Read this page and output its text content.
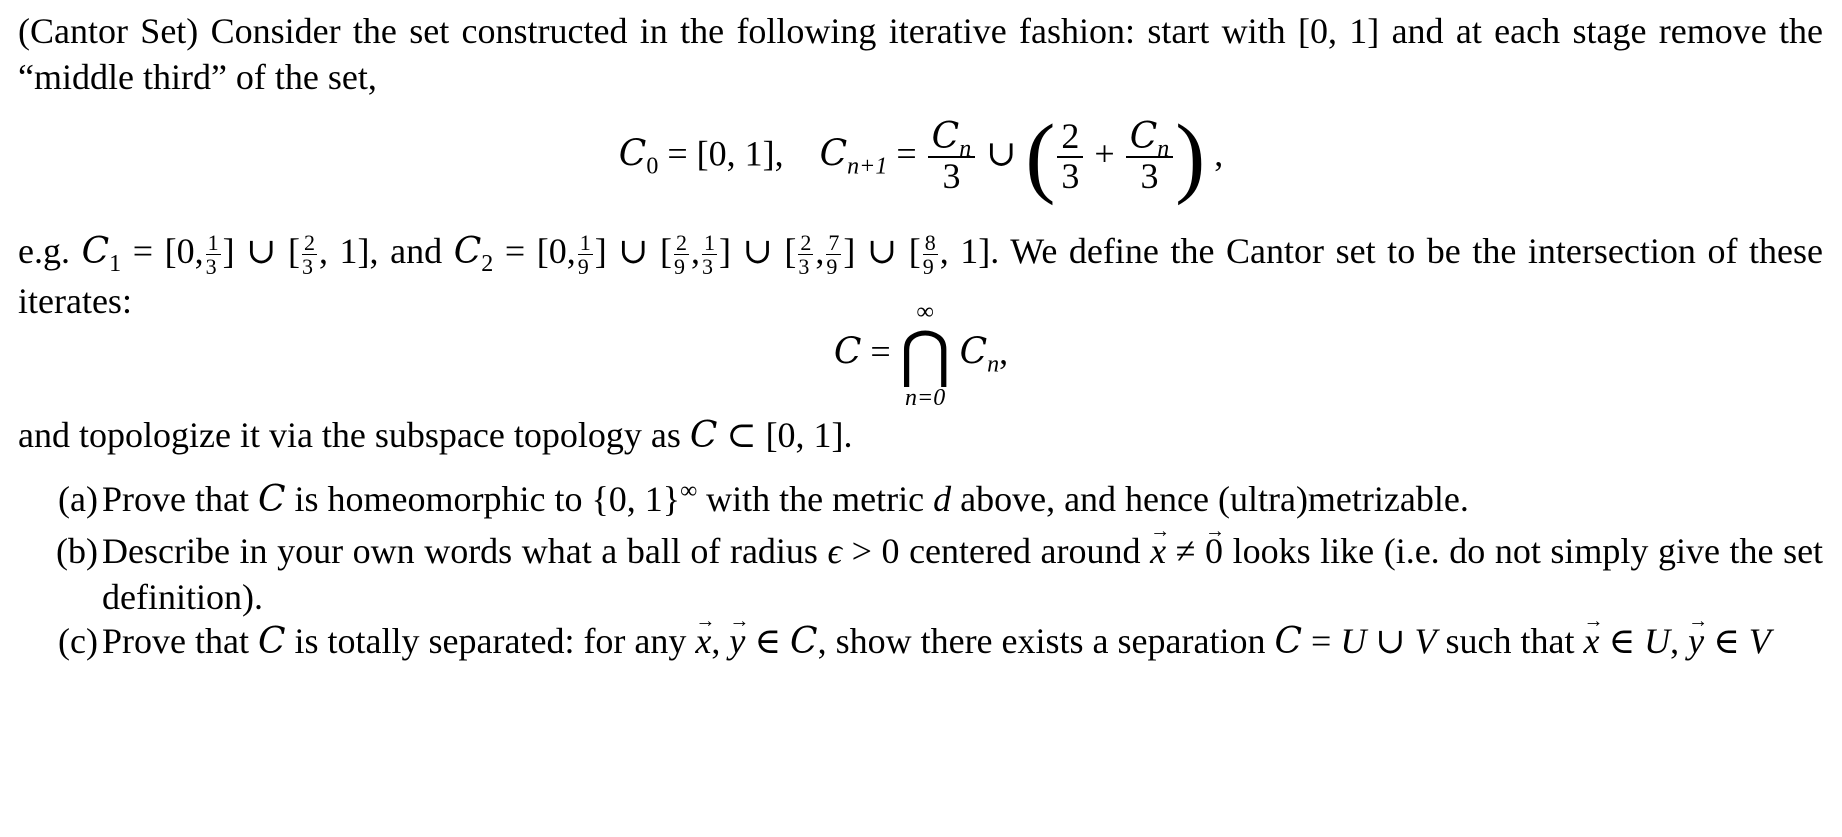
(Cantor Set) Consider the set constructed in the following iterative fashion: start with [0, 1] and at each stage remove the “middle third” of the set,
$C_0 = [0$, 1], $C_{n+1} = \frac{C_n}{3}$ ∪ ( $\frac{2}{3} + \frac{C_n}{3}$ ) ,
e.g. $C_1 = [0$, $\frac{1}{3}$ ] ∪ [ $\frac{2}{3}$ , 1], and $C_2 = [0$, $\frac{1}{9}$ ] ∪ [ $\frac{2}{9}$ , $\frac{1}{3}$ ] ∪ [ $\frac{2}{3}$ , $\frac{7}{9}$ ] ∪ [ $\frac{8}{9}$ , 1]. We define the Cantor set to be the intersection of these iterates:
C =
∞
⋂
n=0
$C_n$,
and topologize it via the subspace topology as C ⊂ [0, 1].
(a) Prove that C is homeomorphic to {0, 1}∞ with the metric d above, and hence (ultra)metrizable.
(b) Describe in your own words what a ball of radius ϵ > 0 centered around → x ≠ → 0 looks like (i.e. do not simply give the set definition).
(c) Prove that C is totally separated: for any → x, → y ∈ C, show there exists a separation C = U ∪ V such that → x ∈ U, → y ∈ V
